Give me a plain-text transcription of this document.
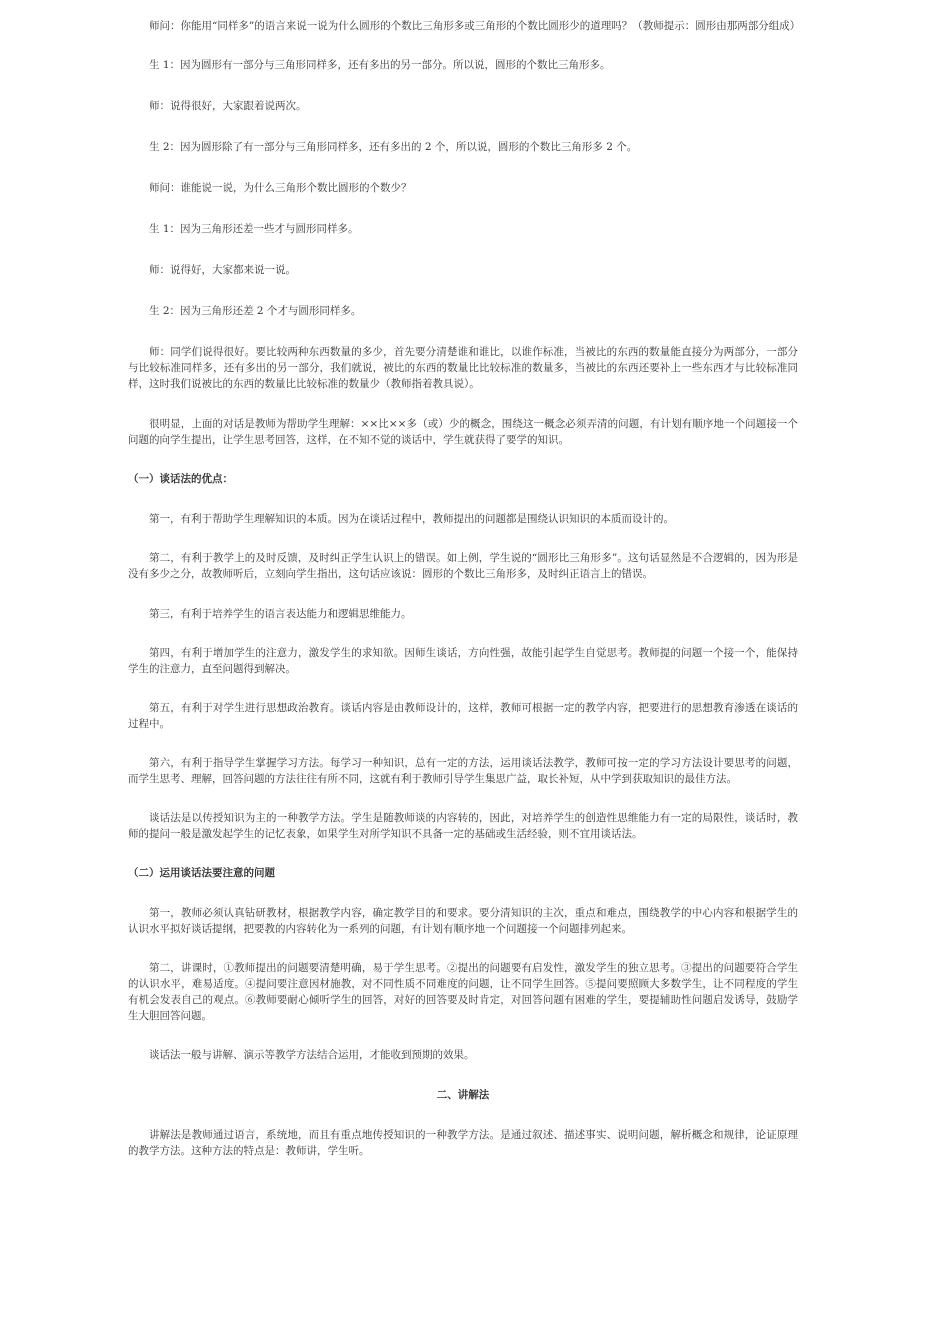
师问：你能用“同样多”的语言来说一说为什么圆形的个数比三角形多或三角形的个数比圆形少的道理吗？（教师提示：圆形由那两部分组成）

生 1：因为圆形有一部分与三角形同样多，还有多出的另一部分。所以说，圆形的个数比三角形多。

师：说得很好，大家跟着说两次。

生 2：因为圆形除了有一部分与三角形同样多，还有多出的 2 个，所以说，圆形的个数比三角形多 2 个。

师问：谁能说一说，为什么三角形个数比圆形的个数少？

生 1：因为三角形还差一些才与圆形同样多。

师：说得好，大家都来说一说。

生 2：因为三角形还差 2 个才与圆形同样多。

师：同学们说得很好。要比较两种东西数量的多少，首先要分清楚谁和谁比，以谁作标准，当被比的东西的数量能直接分为两部分，一部分与比较标准同样多，还有多出的另一部分，我们就说，被比的东西的数量比比较标准的数量多，当被比的东西还要补上一些东西才与比较标准同样，这时我们说被比的东西的数量比比较标准的数量少（教师指着教具说）。

很明显，上面的对话是教师为帮助学生理解：××比××多（或）少的概念，围绕这一概念必须弄清的问题，有计划有顺序地一个问题接一个问题的向学生提出，让学生思考回答，这样，在不知不觉的谈话中，学生就获得了要学的知识。

（一）谈话法的优点：

第一，有利于帮助学生理解知识的本质。因为在谈话过程中，教师提出的问题都是围绕认识知识的本质而设计的。

第二，有利于教学上的及时反馈，及时纠正学生认识上的错误。如上例，学生说的“圆形比三角形多”。这句话显然是不合逻辑的，因为形是没有多少之分，故教师听后，立刻向学生指出，这句话应该说：圆形的个数比三角形多，及时纠正语言上的错误。

第三，有利于培养学生的语言表达能力和逻辑思维能力。

第四，有利于增加学生的注意力，激发学生的求知欲。因师生谈话，方向性强，故能引起学生自觉思考。教师提的问题一个接一个，能保持学生的注意力，直至问题得到解决。

第五，有利于对学生进行思想政治教育。谈话内容是由教师设计的，这样，教师可根据一定的教学内容，把要进行的思想教育渗透在谈话的过程中。

第六，有利于指导学生掌握学习方法。每学习一种知识，总有一定的方法，运用谈话法教学，教师可按一定的学习方法设计要思考的问题，而学生思考、理解，回答问题的方法往往有所不同，这就有利于教师引导学生集思广益，取长补短，从中学到获取知识的最佳方法。

谈话法是以传授知识为主的一种教学方法。学生是随教师谈的内容转的，因此，对培养学生的创造性思维能力有一定的局限性，谈话时，教师的提问一般是激发起学生的记忆表象，如果学生对所学知识不具备一定的基础或生活经验，则不宜用谈话法。

（二）运用谈话法要注意的问题

第一，教师必须认真钻研教材，根据教学内容，确定教学目的和要求。要分清知识的主次，重点和难点，围绕教学的中心内容和根据学生的认识水平拟好谈话提纲，把要教的内容转化为一系列的问题，有计划有顺序地一个问题接一个问题排列起来。

第二，讲课时，①教师提出的问题要清楚明确，易于学生思考。②提出的问题要有启发性，激发学生的独立思考。③提出的问题要符合学生的认识水平，难易适度。④提问要注意因材施教，对不同性质不同难度的问题，让不同学生回答。⑤提问要照顾大多数学生，让不同程度的学生有机会发表自己的观点。⑥教师要耐心倾听学生的回答，对好的回答要及时肯定，对回答问题有困难的学生，要提辅助性问题启发诱导，鼓励学生大胆回答问题。

谈话法一般与讲解、演示等教学方法结合运用，才能收到预期的效果。

二、讲解法

讲解法是教师通过语言，系统地，而且有重点地传授知识的一种教学方法。是通过叙述、描述事实、说明问题，解析概念和规律，论证原理的教学方法。这种方法的特点是：教师讲，学生听。
